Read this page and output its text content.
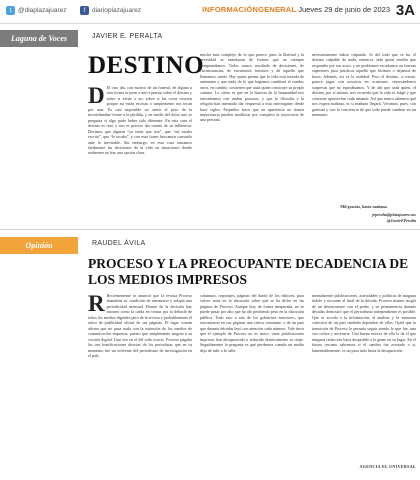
t	@dlaplazajuarez	f	diarioplazajuarez	INFORMACIÓNGENERAL Jueves 29 de junio de 2023 3A
Laguna de Voces	JAVIER E. PERALTA
DESTINO
D El otro día, con motivo de un funeral, de alguna u otra forma se pone a uno a pensar sobre el destino y sobre si existe o no, sobre si las cosas ocurren porque así están escritas o simplemente nos tocan por azar. Es casi imposible no sentir el peso de la incertidumbre frente a la pérdida, y en medio del dolor uno se pregunta si algo pudo haber sido diferente. En esta casa el destino es real, y nos es preciso dar cuenta de su influencia. Decimos que alguien “ya tenía que irse”, que “así estaba escrito”, que “le tocaba”, y con esas frases buscamos consuelo ante lo inevitable. Sin embargo, en esta cosa tomamos fatalmente las decisiones de la vida en situaciones donde realmente no hay una opción clara.
mucho más complejo de lo que parece, pues la libertad y la necesidad se entrelazan de formas que no siempre comprendemos. Todos somos resultado de decisiones, de circunstancias, de encuentros fortuitos y de aquello que llamamos suerte. Hay quien piensa que la vida está trazada de antemano y que nada de lo que hagamos cambiará el rumbo; otros, en cambio, sostienen que cada quien construye su propio camino. Lo cierto es que en la historia de la humanidad nos encontramos con ambas posturas, y que la filosofía y la religión han intentado dar respuesta a esta interrogante desde hace siglos. Pequeños actos que en apariencia no tienen importancia pueden modificar por completo la trayectoria de una persona.
necesariamente habrá culpando. Si del todo que se ha, el destino culpable de nada, entonces cada quien tendría que responder por sus actos, y no podríamos escudarnos en fuerzas superiores para justificar aquello que hicimos o dejamos de hacer. Además, así es la realidad. Pero el destino, si existe, parece jugar con nosotros en ocasiones, reservándonos sorpresas que no esperábamos. Y de ahí que cada quien, el destino, por sí mismo, nos recuerda que la vida es frágil y que conviene aprovechar cada instante. Así que nunca sabemos qué nos espera mañana, ni si mañana llegará. Vivamos, pues, con gratitud y con la conciencia de que todo puede cambiar en un momento.
Mil gracias, hasta mañana.
jeperalta@plazajuarez.mx
@JavierEPeralta
Opinión	RAUDEL ÁVILA
PROCESO Y LA PREOCUPANTE DECADENCIA DE LOS MEDIOS IMPRESOS
R Recientemente se anunció que la revista Proceso abandona su condición de semanario y adopta una periodicidad mensual. Dentro de la decisión hay razones como la caída en ventas por la debacle de todos los medios digitales pero de la revista y probablemente el retiro de publicidad oficial de sus páginas. El lugar común afirma que no pasa nada con la extinción de los medios de comunicación impresos, puesto que simplemente migran a su versión digital. Una vez en el del todo exacto. Proceso pagaba las tres bonificaciones directas de los periodistas que en su momento fue un referente del periodismo de investigación en el país.
columnas, reportajes, páginas del dardo de los editores, para volver atrás en la discusión sobre qué se ha dicho en las páginas de Proceso. Aunque hoy, de forma inesperada, no se puede pasar por alto que ha ido perdiendo peso en la discusión pública. Todo esto a raíz de los gobiernos anteriores, que encontraron en sus páginas una crítica constante, y de un país que durante décadas leyó con atención cada número. Vale decir que el ejemplo de Proceso no es único, otras publicaciones impresas han desaparecido o reducido drásticamente su tiraje. Seguidamente la pregunta es qué perdemos cuando un medio deja de salir a la calle.
mentalmente publicaciones, actividades y políticas de ninguna índole y acciones al final de la década. Proceso mismo surgió de un desencuentro con el poder, y su permanencia durante décadas demostró que el periodismo independiente es posible. Que se acceda a la información, el análisis y la memoria colectiva de un país también dependen de ellos. Ojalá que la transición de Proceso le permita seguir siendo lo que fue, una voz crítica y necesaria. Una buena noticia de ello la da el que ninguna redacción haya despedido a la gente en su lugar. En el futuro cercano sabremos si el cambio fue acertado o si, lamentablemente, es un paso más hacia la desaparición.
AGENCIA EL UNIVERSAL
